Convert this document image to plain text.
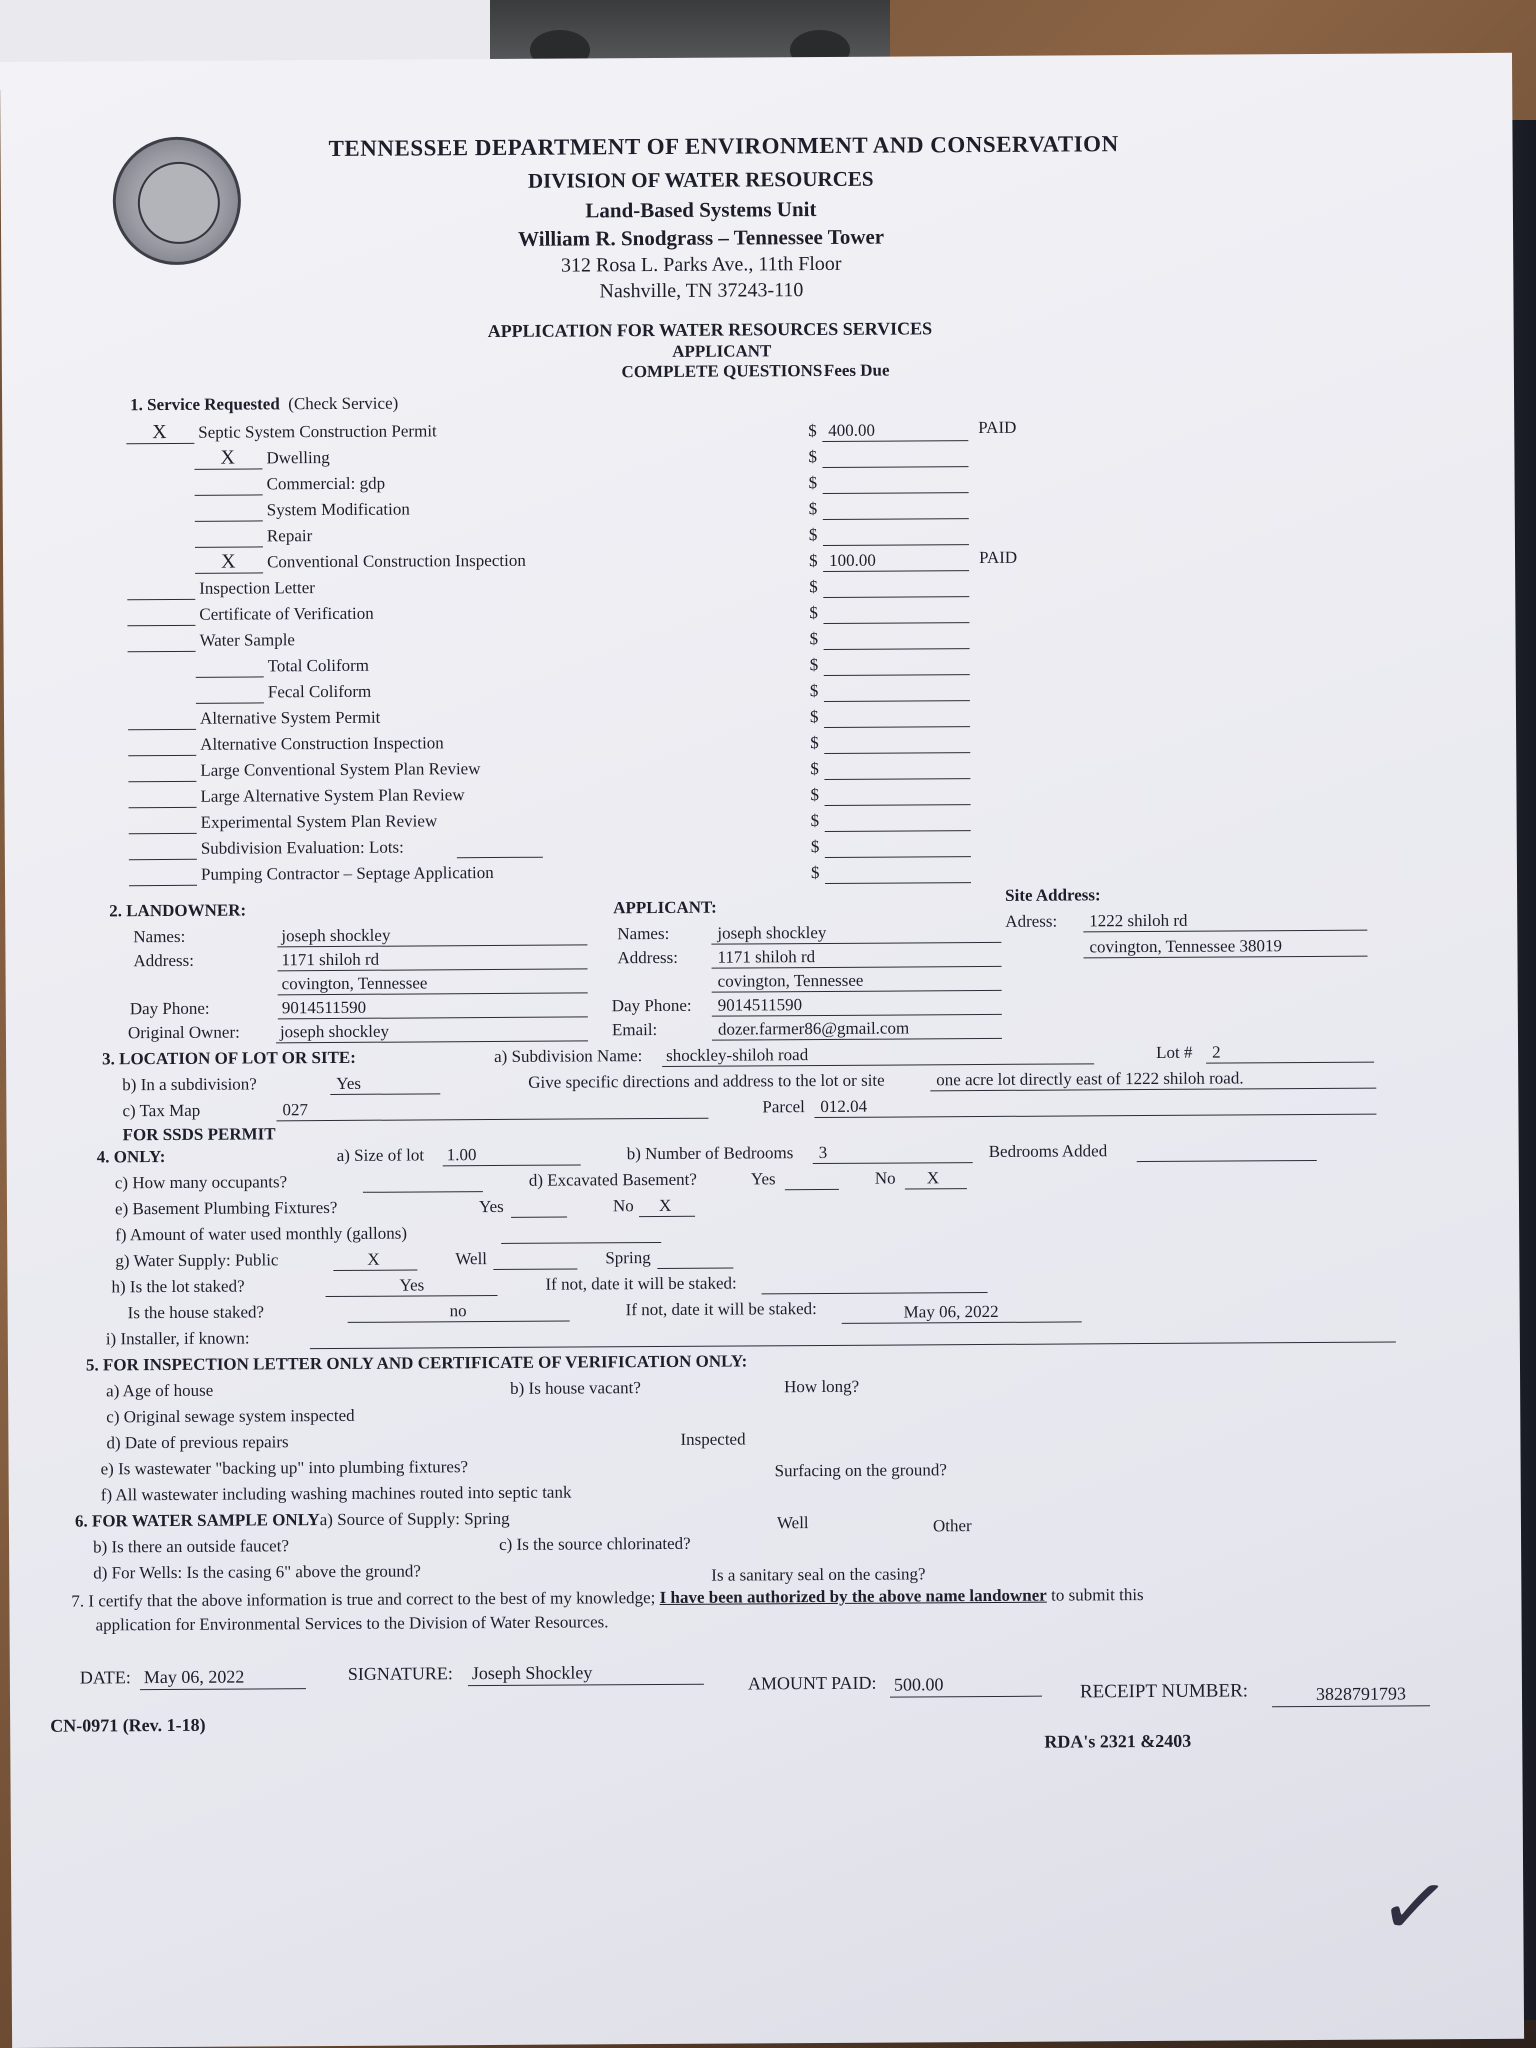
TENNESSEE DEPARTMENT OF ENVIRONMENT AND CONSERVATION
DIVISION OF WATER RESOURCES
Land-Based Systems Unit
William R. Snodgrass – Tennessee Tower
312 Rosa L. Parks Ave., 11th Floor
Nashville, TN 37243-110
APPLICATION FOR WATER RESOURCES SERVICES
APPLICANT
COMPLETE QUESTIONS Fees Due
1. Service Requested (Check Service)
X Septic System Construction Permit	$ 400.00	PAID
X Dwelling	$
Commercial: gdp	$
System Modification	$
Repair	$
X Conventional Construction Inspection	$ 100.00	PAID
Inspection Letter	$
Certificate of Verification	$
Water Sample	$
Total Coliform	$
Fecal Coliform	$
Alternative System Permit	$
Alternative Construction Inspection	$
Large Conventional System Plan Review	$
Large Alternative System Plan Review	$
Experimental System Plan Review	$
Subdivision Evaluation: Lots:	$
Pumping Contractor – Septage Application	$
2. LANDOWNER:	APPLICANT:
Site Address:
Names:	joseph shockley
Address:	1171 shiloh rd
covington, Tennessee
Day Phone:	9014511590
Original Owner: joseph shockley
Names:	joseph shockley
Address: 1171 shiloh rd
covington, Tennessee
Day Phone: 9014511590
Email:	dozer.farmer86@gmail.com
Adress: 1222 shiloh rd
covington, Tennessee 38019
3. LOCATION OF LOT OR SITE:	a) Subdivision Name: shockley-shiloh road	Lot # 2
b) In a subdivision?	Yes	Give specific directions and address to the lot or site	one acre lot directly east of 1222 shiloh road.
c) Tax Map	027	Parcel 012.04
FOR SSDS PERMIT
4. ONLY:	a) Size of lot 1.00	b) Number of Bedrooms 3	Bedrooms Added
c) How many occupants?	d) Excavated Basement?	Yes	No X
e) Basement Plumbing Fixtures?	Yes	No X
f) Amount of water used monthly (gallons)
g) Water Supply: Public	X	Well	Spring
h) Is the lot staked?	Yes	If not, date it will be staked:
Is the house staked?	no	If not, date it will be staked:	May 06, 2022
i) Installer, if known:
5. FOR INSPECTION LETTER ONLY AND CERTIFICATE OF VERIFICATION ONLY:
a) Age of house	b) Is house vacant?	How long?
c) Original sewage system inspected
d) Date of previous repairs	Inspected
e) Is wastewater "backing up" into plumbing fixtures?	Surfacing on the ground?
f) All wastewater including washing machines routed into septic tank
6. FOR WATER SAMPLE ONLYa) Source of Supply: Spring	Well	Other
b) Is there an outside faucet?	c) Is the source chlorinated?
d) For Wells: Is the casing 6" above the ground?	Is a sanitary seal on the casing?
7. I certify that the above information is true and correct to the best of my knowledge; I have been authorized by the above name landowner to submit this
application for Environmental Services to the Division of Water Resources.
DATE: May 06, 2022	SIGNATURE: Joseph Shockley	AMOUNT PAID: 500.00	RECEIPT NUMBER:	3828791793
CN-0971 (Rev. 1-18)
RDA's 2321 &2403
✓
